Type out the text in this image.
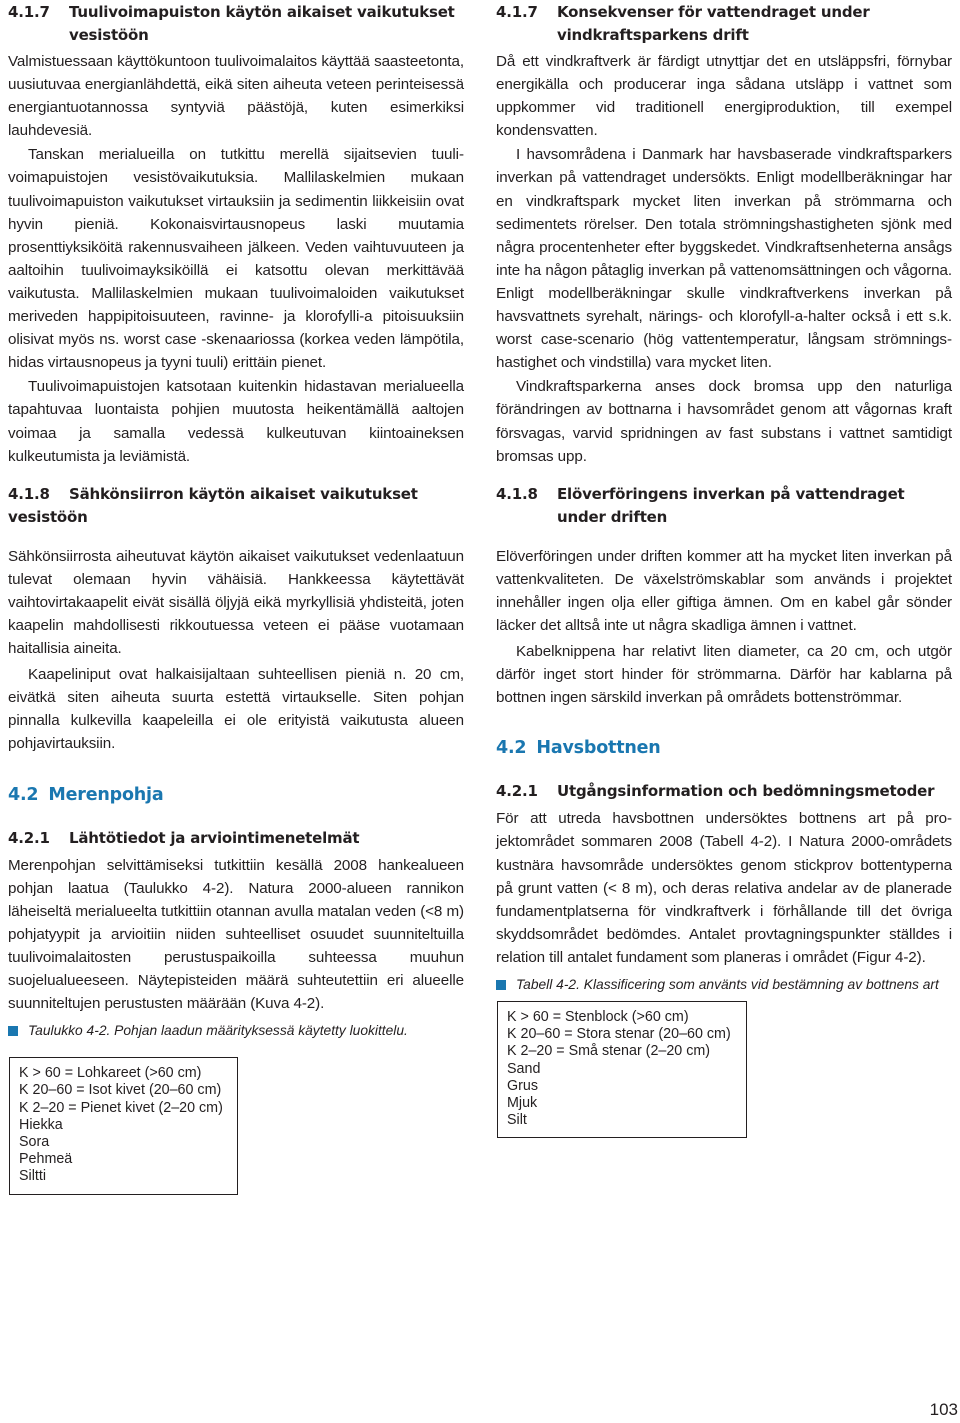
4.1.7 Tuulivoimapuiston käytön aikaiset vaikutukset vesistöön

Valmistuessaan käyttökuntoon tuulivoimalaitos käyttää saasteetonta, uusiutuvaa energianlähdettä, eikä siten aiheuta veteen perinteisessä energiantuotannossa syntyviä päästöjä, kuten esimerkiksi lauhdevesiä.

Tanskan merialueilla on tutkittu merellä sijaitsevien tuulivoimapuistojen vesistövaikutuksia. Mallilaskelmien mukaan tuulivoimapuiston vaikutukset virtauksiin ja sedimentin liikkeisiin ovat hyvin pieniä. Kokonaisvirtausnopeus laski muutamia prosenttiyksiköitä rakennusvaiheen jälkeen. Veden vaihtuvuuteen ja aaltoihin tuulivoimayksiköillä ei katsottu olevan merkittävää vaikutusta. Mallilaskelmien mukaan tuulivoimaloiden vaikutukset meriveden happipitoisuuteen, ravinne- ja klorofylli-a pitoisuuksiin olisivat myös ns. worst case -skenaariossa (korkea veden lämpötila, hidas virtausnopeus ja tyyni tuuli) erittäin pienet.

Tuulivoimapuistojen katsotaan kuitenkin hidastavan merialueella tapahtuvaa luontaista pohjien muutosta heikentämällä aaltojen voimaa ja samalla vedessä kulkeutuvan kiintoaineksen kulkeutumista ja leviämistä.

4.1.8 Sähkönsiirron käytön aikaiset vaikutukset vesistöön

Sähkönsiirrosta aiheutuvat käytön aikaiset vaikutukset vedenlaatuun tulevat olemaan hyvin vähäisiä. Hankkeessa käytettävät vaihtovirtakaapelit eivät sisällä öljyjä eikä myrkyllisiä yhdisteitä, joten kaapelin mahdollisesti rikkoutuessa veteen ei pääse vuotamaan haitallisia aineita.

Kaapeliniput ovat halkaisijaltaan suhteellisen pieniä n. 20 cm, eivätkä siten aiheuta suurta estettä virtaukselle. Siten pohjan pinnalla kulkevilla kaapeleilla ei ole erityistä vaikutusta alueen pohjavirtauksiin.

4.2 Merenpohja
4.2.1 Lähtötiedot ja arviointimenetelmät

Merenpohjan selvittämiseksi tutkittiin kesällä 2008 hankealueen pohjan laatua (Taulukko 4-2). Natura 2000-alueen rannikon läheiseltä merialueelta tutkittiin otannan avulla matalan veden (<8 m) pohjatyypit ja arvioitiin niiden suhteelliset osuudet suunniteltuilla tuulivoimalaitosten perustuspaikoilla suhteessa muuhun suojelualueeseen. Näytepisteiden määrä suhteutettiin eri alueelle suunniteltujen perustusten määrään (Kuva 4-2).

Taulukko 4-2. Pohjan laadun määrityksessä käytetty luokittelu.
K > 60 = Lohkareet (>60 cm)
K 20–60 = Isot kivet (20–60 cm)
K 2–20 = Pienet kivet (2–20 cm)
Hiekka
Sora
Pehmeä
Siltti
4.1.7 Konsekvenser för vattendraget under vindkraftsparkens drift

Då ett vindkraftverk är färdigt utnyttjar det en utsläppsfri, förnybar energikälla och producerar inga sådana utsläpp i vattnet som uppkommer vid traditionell energiproduktion, till exempel kondensvatten.

I havsområdena i Danmark har havsbaserade vindkraftsparkers inverkan på vattendraget undersökts. Enligt modellberäkningar har en vindkraftspark mycket liten inverkan på strömmarna och sedimentets rörelser. Den totala strömningshastigheten sjönk med några procentenheter efter byggskedet. Vindkraftsenheterna ansågs inte ha någon påtaglig inverkan på vattenomsättningen och vågorna. Enligt modellberäkningar skulle vindkraftverkens inverkan på havsvattnets syrehalt, närings- och klorofyll-a-halter också i ett s.k. worst case-scenario (hög vattentemperatur, långsam strömningshastighet och vindstilla) vara mycket liten.

Vindkraftsparkerna anses dock bromsa upp den naturliga förändringen av bottnarna i havsområdet genom att vågornas kraft försvagas, varvid spridningen av fast substans i vattnet samtidigt bromsas upp.

4.1.8 Elöverföringens inverkan på vattendraget under driften

Elöverföringen under driften kommer att ha mycket liten inverkan på vattenkvaliteten. De växelströmskablar som används i projektet innehåller ingen olja eller giftiga ämnen. Om en kabel går sönder läcker det alltså inte ut några skadliga ämnen i vattnet.

Kabelknippena har relativt liten diameter, ca 20 cm, och utgör därför inget stort hinder för strömmarna. Därför har kablarna på bottnen ingen särskild inverkan på områdets bottenströmmar.

4.2 Havsbottnen
4.2.1 Utgångsinformation och bedömningsmetoder

För att utreda havsbottnen undersöktes bottnens art på projektområdet sommaren 2008 (Tabell 4-2). I Natura 2000-områdets kustnära havsområde undersöktes genom stickprov bottentyperna på grunt vatten (< 8 m), och deras relativa andelar av de planerade fundamentplatserna för vindkraftverk i förhållande till det övriga skyddsområdet bedömdes. Antalet provtagningspunkter ställdes i relation till antalet fundament som planeras i området (Figur 4-2).

Tabell 4-2. Klassificering som använts vid bestämning av bottnens art
K > 60 = Stenblock (>60 cm)
K 20–60 = Stora stenar (20–60 cm)
K 2–20 = Små stenar (2–20 cm)
Sand
Grus
Mjuk
Silt
103
